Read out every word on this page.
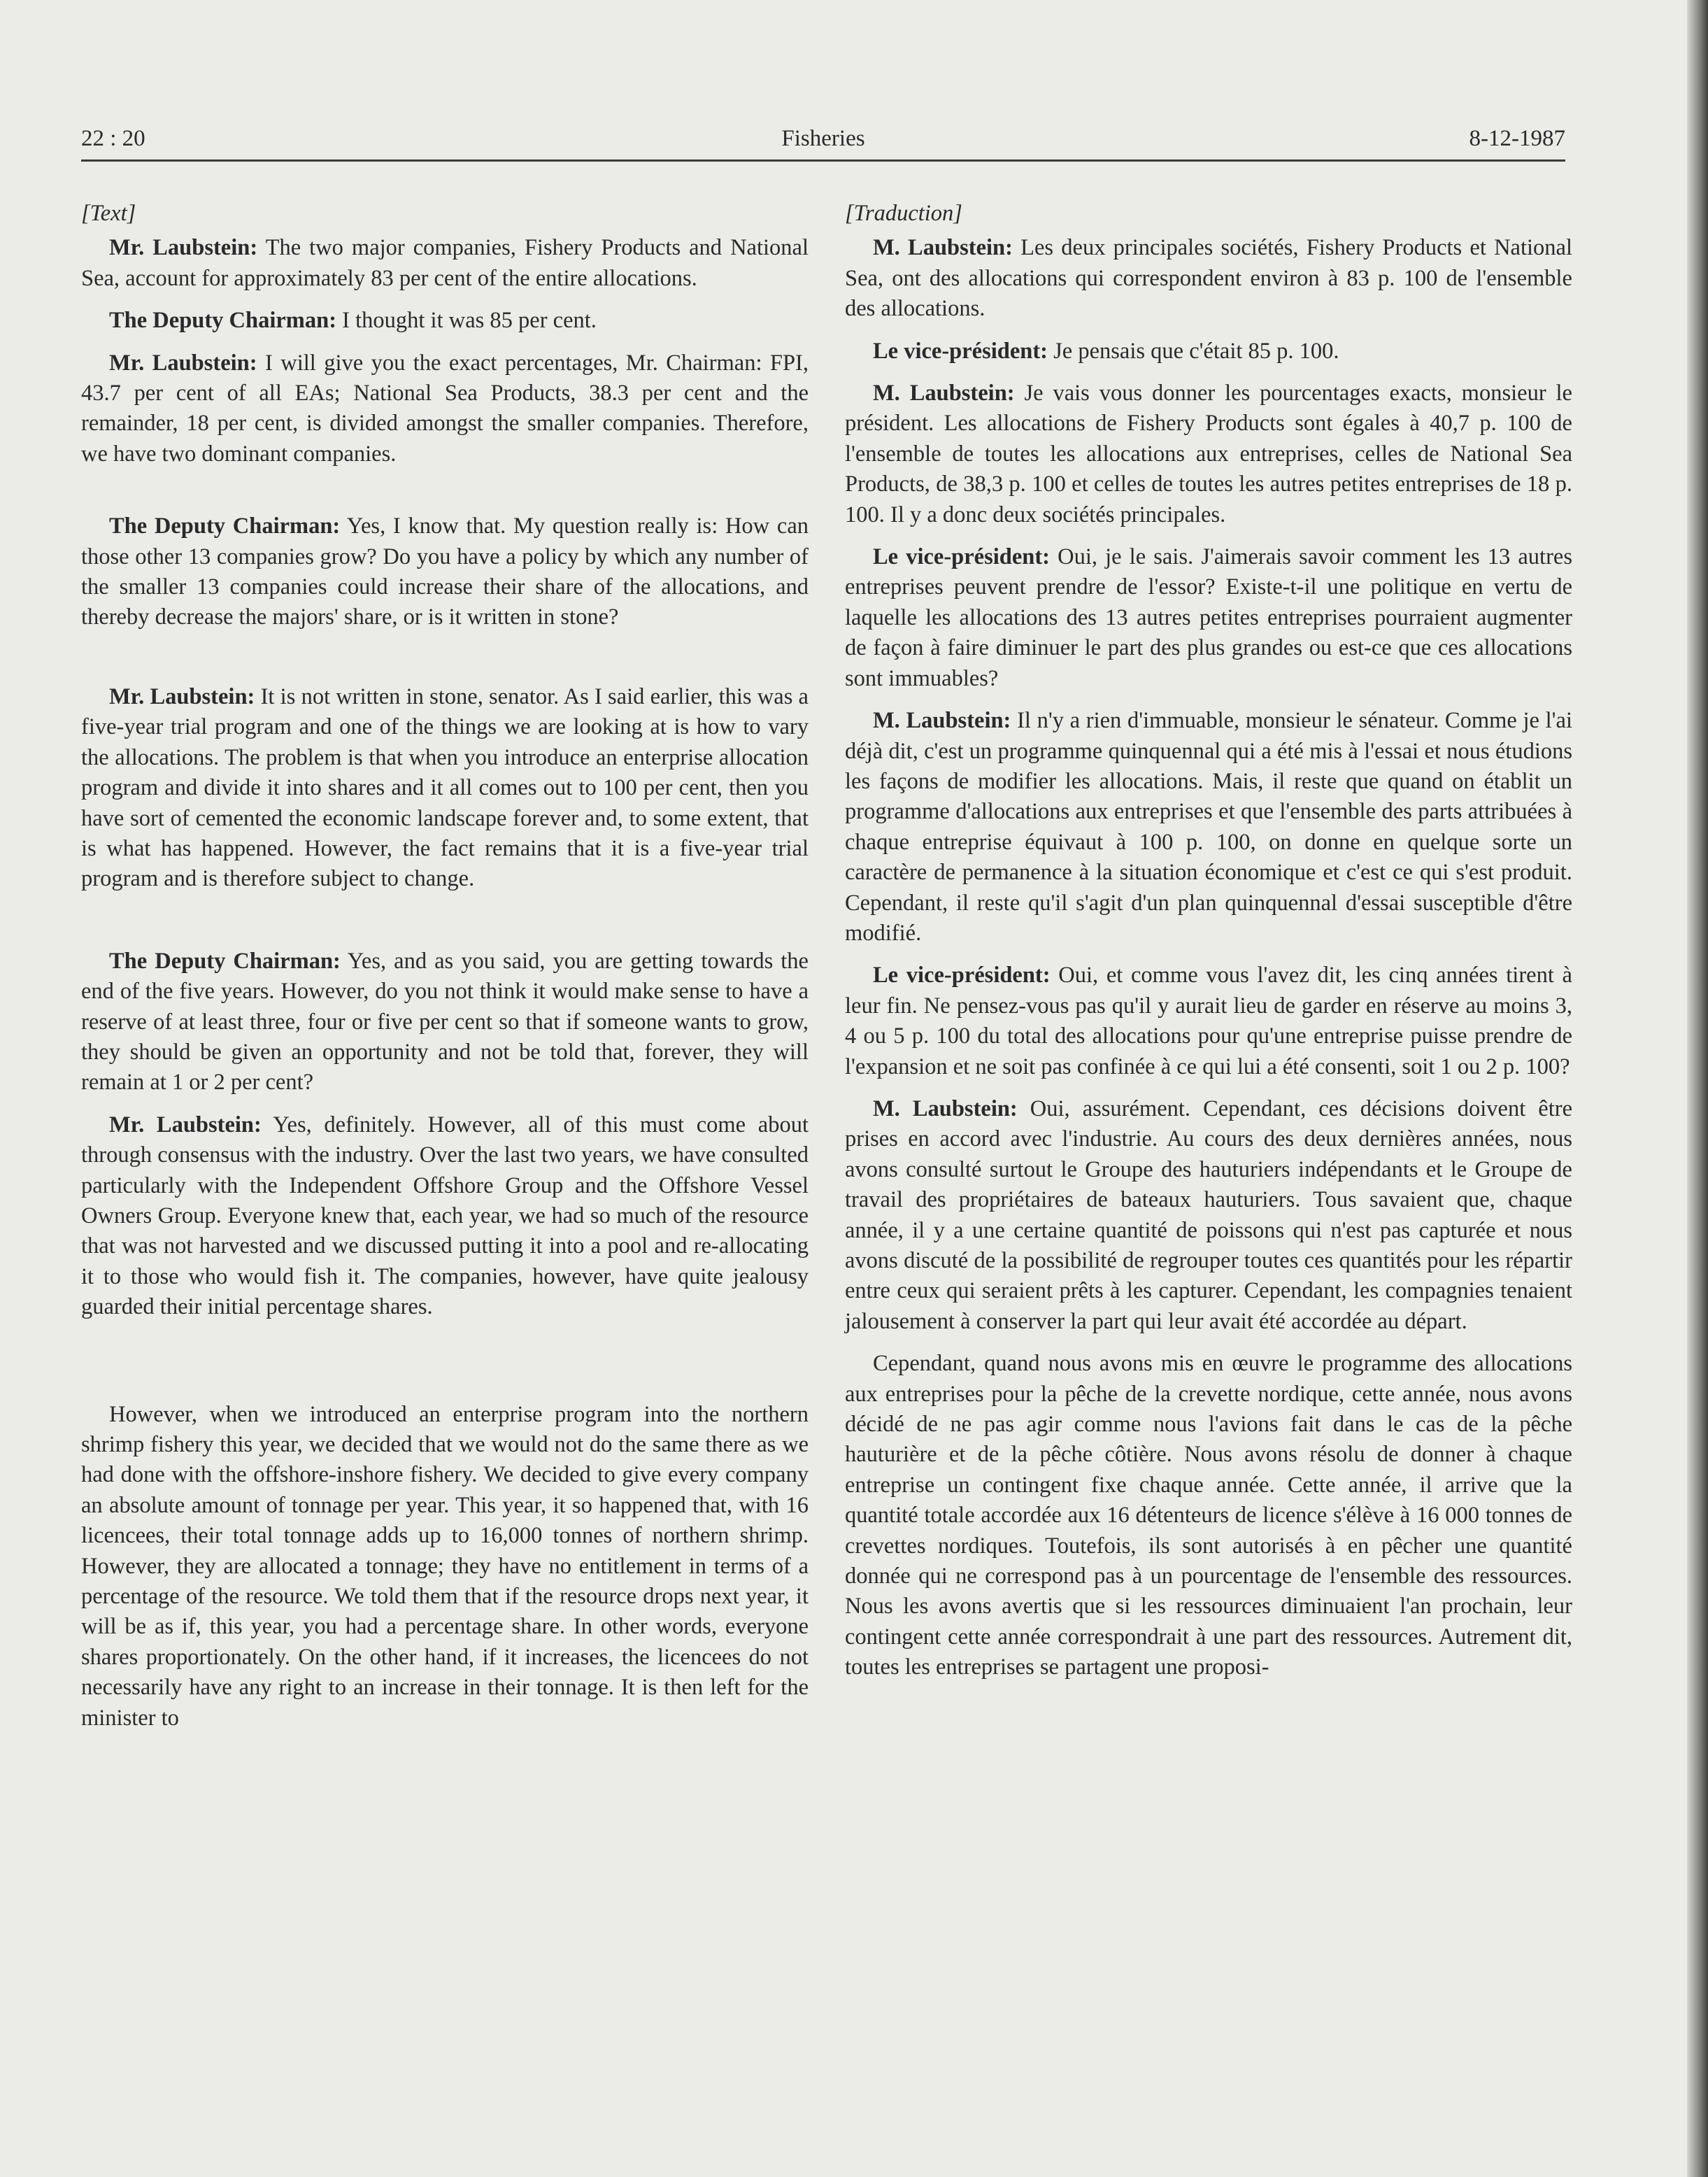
22 : 20	Fisheries	8-12-1987

[Text]

Mr. Laubstein: The two major companies, Fishery Products and National Sea, account for approximately 83 per cent of the entire allocations.

The Deputy Chairman: I thought it was 85 per cent.

Mr. Laubstein: I will give you the exact percentages, Mr. Chairman: FPI, 43.7 per cent of all EAs; National Sea Products, 38.3 per cent and the remainder, 18 per cent, is divided amongst the smaller companies. Therefore, we have two dominant companies.

The Deputy Chairman: Yes, I know that. My question really is: How can those other 13 companies grow? Do you have a policy by which any number of the smaller 13 companies could increase their share of the allocations, and thereby decrease the majors' share, or is it written in stone?

Mr. Laubstein: It is not written in stone, senator. As I said earlier, this was a five-year trial program and one of the things we are looking at is how to vary the allocations. The problem is that when you introduce an enterprise allocation program and divide it into shares and it all comes out to 100 per cent, then you have sort of cemented the economic landscape forever and, to some extent, that is what has happened. However, the fact remains that it is a five-year trial program and is therefore subject to change.

The Deputy Chairman: Yes, and as you said, you are getting towards the end of the five years. However, do you not think it would make sense to have a reserve of at least three, four or five per cent so that if someone wants to grow, they should be given an opportunity and not be told that, forever, they will remain at 1 or 2 per cent?

Mr. Laubstein: Yes, definitely. However, all of this must come about through consensus with the industry. Over the last two years, we have consulted particularly with the Independent Offshore Group and the Offshore Vessel Owners Group. Everyone knew that, each year, we had so much of the resource that was not harvested and we discussed putting it into a pool and re-allocating it to those who would fish it. The companies, however, have quite jealousy guarded their initial percentage shares.

However, when we introduced an enterprise program into the northern shrimp fishery this year, we decided that we would not do the same there as we had done with the offshore-inshore fishery. We decided to give every company an absolute amount of tonnage per year. This year, it so happened that, with 16 licencees, their total tonnage adds up to 16,000 tonnes of northern shrimp. However, they are allocated a tonnage; they have no entitlement in terms of a percentage of the resource. We told them that if the resource drops next year, it will be as if, this year, you had a percentage share. In other words, everyone shares proportionately. On the other hand, if it increases, the licencees do not necessarily have any right to an increase in their tonnage. It is then left for the minister to

[Traduction]

M. Laubstein: Les deux principales sociétés, Fishery Products et National Sea, ont des allocations qui correspondent environ à 83 p. 100 de l'ensemble des allocations.

Le vice-président: Je pensais que c'était 85 p. 100.

M. Laubstein: Je vais vous donner les pourcentages exacts, monsieur le président. Les allocations de Fishery Products sont égales à 40,7 p. 100 de l'ensemble de toutes les allocations aux entreprises, celles de National Sea Products, de 38,3 p. 100 et celles de toutes les autres petites entreprises de 18 p. 100. Il y a donc deux sociétés principales.

Le vice-président: Oui, je le sais. J'aimerais savoir comment les 13 autres entreprises peuvent prendre de l'essor? Existe-t-il une politique en vertu de laquelle les allocations des 13 autres petites entreprises pourraient augmenter de façon à faire diminuer le part des plus grandes ou est-ce que ces allocations sont immuables?

M. Laubstein: Il n'y a rien d'immuable, monsieur le sénateur. Comme je l'ai déjà dit, c'est un programme quinquennal qui a été mis à l'essai et nous étudions les façons de modifier les allocations. Mais, il reste que quand on établit un programme d'allocations aux entreprises et que l'ensemble des parts attribuées à chaque entreprise équivaut à 100 p. 100, on donne en quelque sorte un caractère de permanence à la situation économique et c'est ce qui s'est produit. Cependant, il reste qu'il s'agit d'un plan quinquennal d'essai susceptible d'être modifié.

Le vice-président: Oui, et comme vous l'avez dit, les cinq années tirent à leur fin. Ne pensez-vous pas qu'il y aurait lieu de garder en réserve au moins 3, 4 ou 5 p. 100 du total des allocations pour qu'une entreprise puisse prendre de l'expansion et ne soit pas confinée à ce qui lui a été consenti, soit 1 ou 2 p. 100?

M. Laubstein: Oui, assurément. Cependant, ces décisions doivent être prises en accord avec l'industrie. Au cours des deux dernières années, nous avons consulté surtout le Groupe des hauturiers indépendants et le Groupe de travail des propriétaires de bateaux hauturiers. Tous savaient que, chaque année, il y a une certaine quantité de poissons qui n'est pas capturée et nous avons discuté de la possibilité de regrouper toutes ces quantités pour les répartir entre ceux qui seraient prêts à les capturer. Cependant, les compagnies tenaient jalousement à conserver la part qui leur avait été accordée au départ.

Cependant, quand nous avons mis en œuvre le programme des allocations aux entreprises pour la pêche de la crevette nordique, cette année, nous avons décidé de ne pas agir comme nous l'avions fait dans le cas de la pêche hauturière et de la pêche côtière. Nous avons résolu de donner à chaque entreprise un contingent fixe chaque année. Cette année, il arrive que la quantité totale accordée aux 16 détenteurs de licence s'élève à 16 000 tonnes de crevettes nordiques. Toutefois, ils sont autorisés à en pêcher une quantité donnée qui ne correspond pas à un pourcentage de l'ensemble des ressources. Nous les avons avertis que si les ressources diminuaient l'an prochain, leur contingent cette année correspondrait à une part des ressources. Autrement dit, toutes les entreprises se partagent une proposi-
